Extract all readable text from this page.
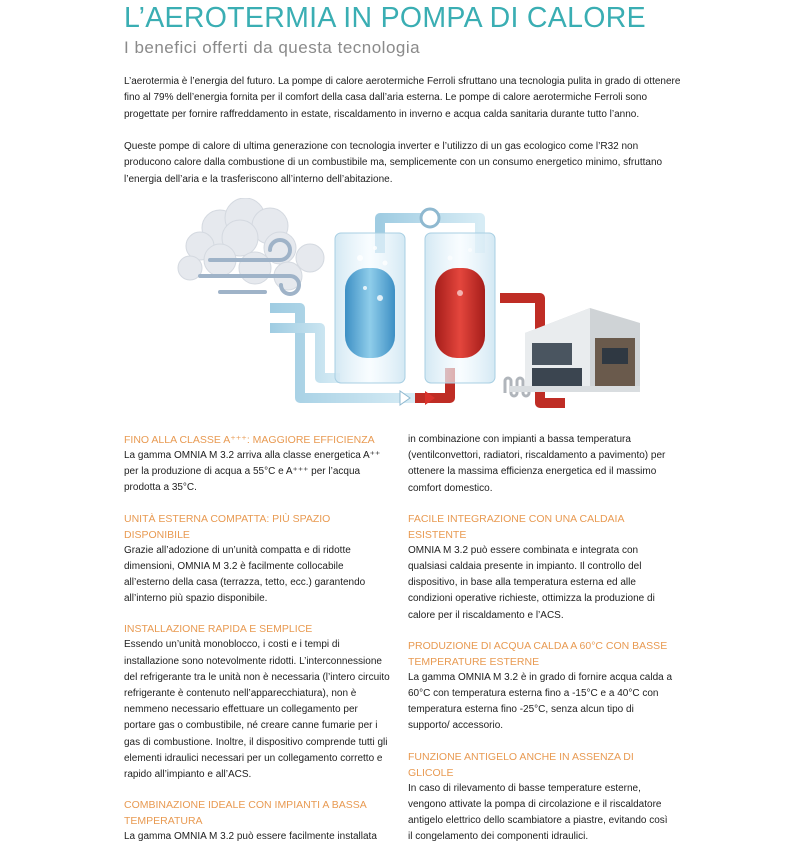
L’AEROTERMIA IN POMPA DI CALORE
I benefici offerti da questa tecnologia

L’aerotermia è l’energia del futuro. La pompe di calore aerotermiche Ferroli sfruttano una tecnologia pulita in grado di ottenere fino al 79% dell’energia fornita per il comfort della casa dall’aria esterna. Le pompe di calore aerotermiche Ferroli sono progettate per fornire raffreddamento in estate, riscaldamento in inverno e acqua calda sanitaria durante tutto l’anno.

Queste pompe di calore di ultima generazione con tecnologia inverter e l’utilizzo di un gas ecologico come l’R32 non producono calore dalla combustione di un combustibile ma, semplicemente con un consumo energetico minimo, sfruttano l’energia dell’aria e la trasferiscono all’interno dell’abitazione.

FINO ALLA CLASSE A⁺⁺⁺: MAGGIORE EFFICIENZA

La gamma OMNIA M 3.2 arriva alla classe energetica A⁺⁺ per la produzione di acqua a 55°C e A⁺⁺⁺ per l’acqua prodotta a 35°C.

UNITÀ ESTERNA COMPATTA: PIÙ SPAZIO DISPONIBILE

Grazie all’adozione di un’unità compatta e di ridotte dimensioni, OMNIA M 3.2 è facilmente collocabile all’esterno della casa (terrazza, tetto, ecc.) garantendo all’interno più spazio disponibile.

INSTALLAZIONE RAPIDA E SEMPLICE

Essendo un’unità monoblocco, i costi e i tempi di installazione sono notevolmente ridotti. L’interconnessione del refrigerante tra le unità non è necessaria (l’intero circuito refrigerante è contenuto nell’apparecchiatura), non è nemmeno necessario effettuare un collegamento per portare gas o combustibile, né creare canne fumarie per i gas di combustione. Inoltre, il dispositivo comprende tutti gli elementi idraulici necessari per un collegamento corretto e rapido all’impianto e all’ACS.

COMBINAZIONE IDEALE CON IMPIANTI A BASSA TEMPERATURA

La gamma OMNIA M 3.2 può essere facilmente installata

in combinazione con impianti a bassa temperatura (ventilconvettori, radiatori, riscaldamento a pavimento) per ottenere la massima efficienza energetica ed il massimo comfort domestico.

FACILE INTEGRAZIONE CON UNA CALDAIA ESISTENTE

OMNIA M 3.2 può essere combinata e integrata con qualsiasi caldaia presente in impianto. Il controllo del dispositivo, in base alla temperatura esterna ed alle condizioni operative richieste, ottimizza la produzione di calore per il riscaldamento e l’ACS.

PRODUZIONE DI ACQUA CALDA A 60°C CON BASSE TEMPERATURE ESTERNE

La gamma OMNIA M 3.2 è in grado di fornire acqua calda a 60°C con temperatura esterna fino a -15°C e a 40°C con temperatura esterna fino -25°C, senza alcun tipo di supporto/ accessorio.

FUNZIONE ANTIGELO ANCHE IN ASSENZA DI GLICOLE

In caso di rilevamento di basse temperature esterne, vengono attivate la pompa di circolazione e il riscaldatore antigelo elettrico dello scambiatore a piastre, evitando così il congelamento dei componenti idraulici.
